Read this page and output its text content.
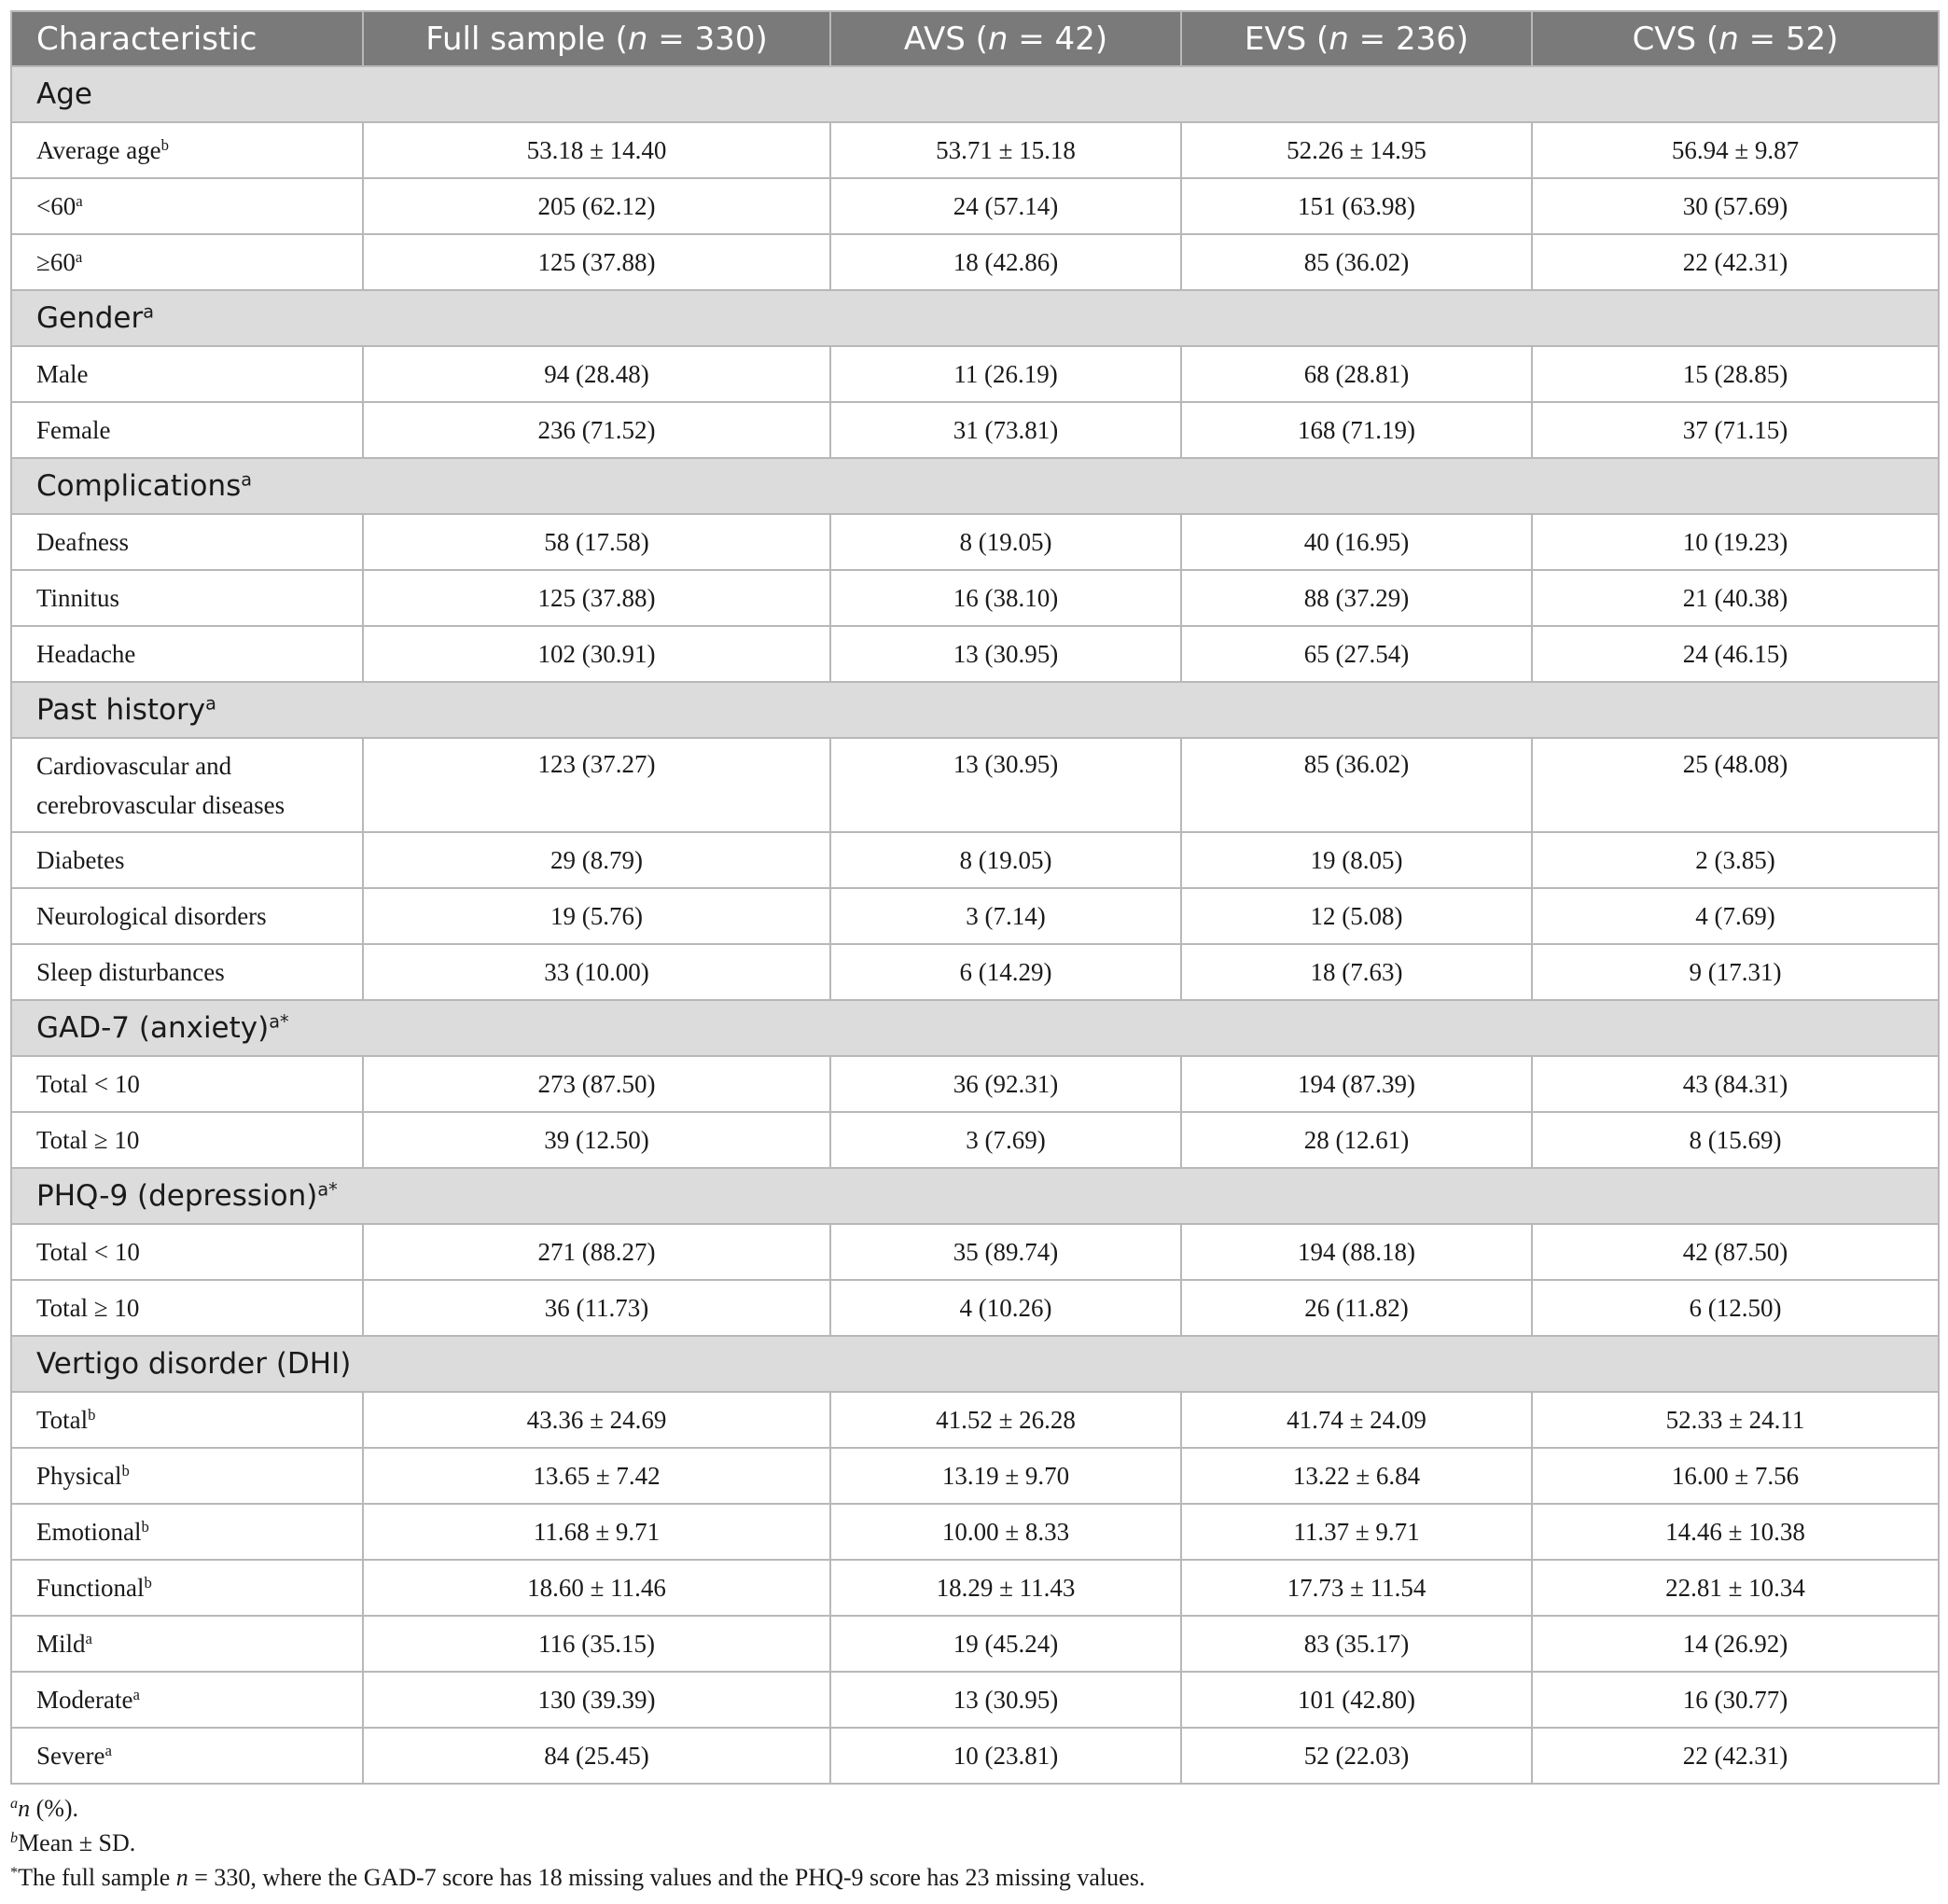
Characteristic	Full sample (n = 330)	AVS (n = 42)	EVS (n = 236)	CVS (n = 52)
Age				
Average age$^b$	53.18 ± 14.40	53.71 ± 15.18	52.26 ± 14.95	56.94 ± 9.87
$<60^a$	205 (62.12)	24 (57.14)	151 (63.98)	30 (57.69)
$\ge 60^a$	125 (37.88)	18 (42.86)	85 (36.02)	22 (42.31)
Gender$^a$
Male	94 (28.48)	11 (26.19)	68 (28.81)	15 (28.85)
Female	236 (71.52)	31 (73.81)	168 (71.19)	37 (71.15)
Complications$^a$
Deafness	58 (17.58)	8 (19.05)	40 (16.95)	10 (19.23)
Tinnitus	125 (37.88)	16 (38.10)	88 (37.29)	21 (40.38)
Headache	102 (30.91)	13 (30.95)	65 (27.54)	24 (46.15)
Past history$^a$
Cardiovascular and
cerebrovascular diseases	123 (37.27)	13 (30.95)	85 (36.02)	25 (48.08)
Diabetes	29 (8.79)	8 (19.05)	19 (8.05)	2 (3.85)
Neurological disorders	19 (5.76)	3 (7.14)	12 (5.08)	4 (7.69)
Sleep disturbances	33 (10.00)	6 (14.29)	18 (7.63)	9 (17.31)
GAD-7 (anxiety)$^{a*}$
Total < 10	273 (87.50)	36 (92.31)	194 (87.39)	43 (84.31)
Total ≥ 10	39 (12.50)	3 (7.69)	28 (12.61)	8 (15.69)
PHQ-9 (depression)$^{a*}$
Total < 10	271 (88.27)	35 (89.74)	194 (88.18)	42 (87.50)
Total ≥ 10	36 (11.73)	4 (10.26)	26 (11.82)	6 (12.50)
Vertigo disorder (DHI)				
Total$^b$	43.36 ± 24.69	41.52 ± 26.28	41.74 ± 24.09	52.33 ± 24.11
Physical$^b$	13.65 ± 7.42	13.19 ± 9.70	13.22 ± 6.84	16.00 ± 7.56
Emotional$^b$	11.68 ± 9.71	10.00 ± 8.33	11.37 ± 9.71	14.46 ± 10.38
Functional$^b$	18.60 ± 11.46	18.29 ± 11.43	17.73 ± 11.54	22.81 ± 10.34
Mild$^a$	116 (35.15)	19 (45.24)	83 (35.17)	14 (26.92)
Moderate$^a$	130 (39.39)	13 (30.95)	101 (42.80)	16 (30.77)
Severe$^a$	84 (25.45)	10 (23.81)	52 (22.03)	22 (42.31)
$^a$n (%).
$^b$Mean ± SD.
*The full sample n = 330, where the GAD-7 score has 18 missing values and the PHQ-9 score has 23 missing values.
